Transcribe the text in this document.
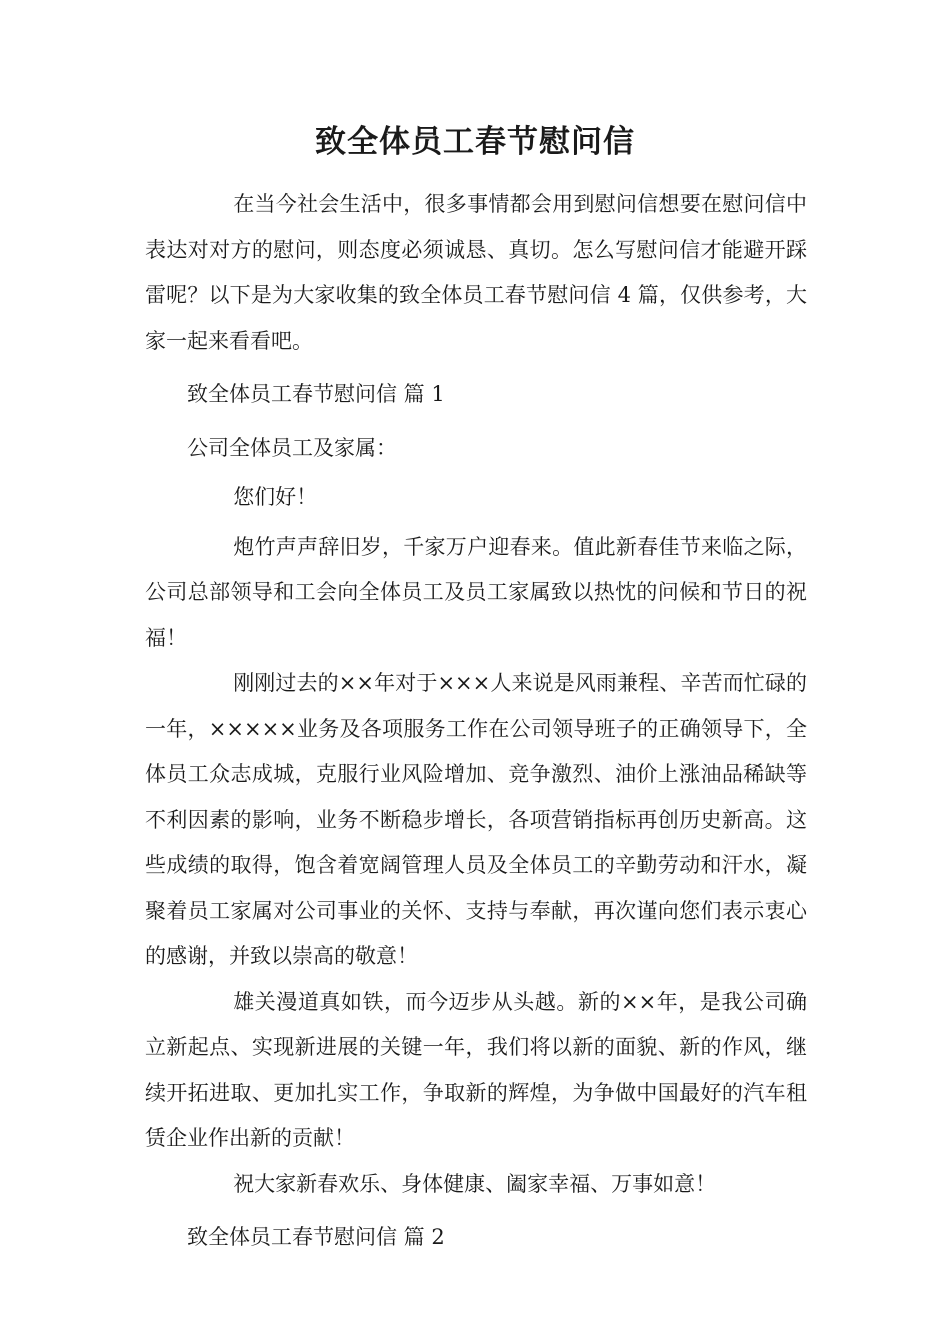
致全体员工春节慰问信

在当今社会生活中，很多事情都会用到慰问信想要在慰问信中表达对对方的慰问，则态度必须诚恳、真切。怎么写慰问信才能避开踩雷呢？以下是为大家收集的致全体员工春节慰问信 4 篇，仅供参考，大家一起来看看吧。

致全体员工春节慰问信 篇 1

公司全体员工及家属：

您们好！

炮竹声声辞旧岁，千家万户迎春来。值此新春佳节来临之际，公司总部领导和工会向全体员工及员工家属致以热忱的问候和节日的祝福！

刚刚过去的××年对于×××人来说是风雨兼程、辛苦而忙碌的一年，×××××业务及各项服务工作在公司领导班子的正确领导下，全体员工众志成城，克服行业风险增加、竞争激烈、油价上涨油品稀缺等不利因素的影响，业务不断稳步增长，各项营销指标再创历史新高。这些成绩的取得，饱含着宽阔管理人员及全体员工的辛勤劳动和汗水，凝聚着员工家属对公司事业的关怀、支持与奉献，再次谨向您们表示衷心的感谢，并致以崇高的敬意！

雄关漫道真如铁，而今迈步从头越。新的××年，是我公司确立新起点、实现新进展的关键一年，我们将以新的面貌、新的作风，继续开拓进取、更加扎实工作，争取新的辉煌，为争做中国最好的汽车租赁企业作出新的贡献！

祝大家新春欢乐、身体健康、阖家幸福、万事如意！

致全体员工春节慰问信 篇 2
